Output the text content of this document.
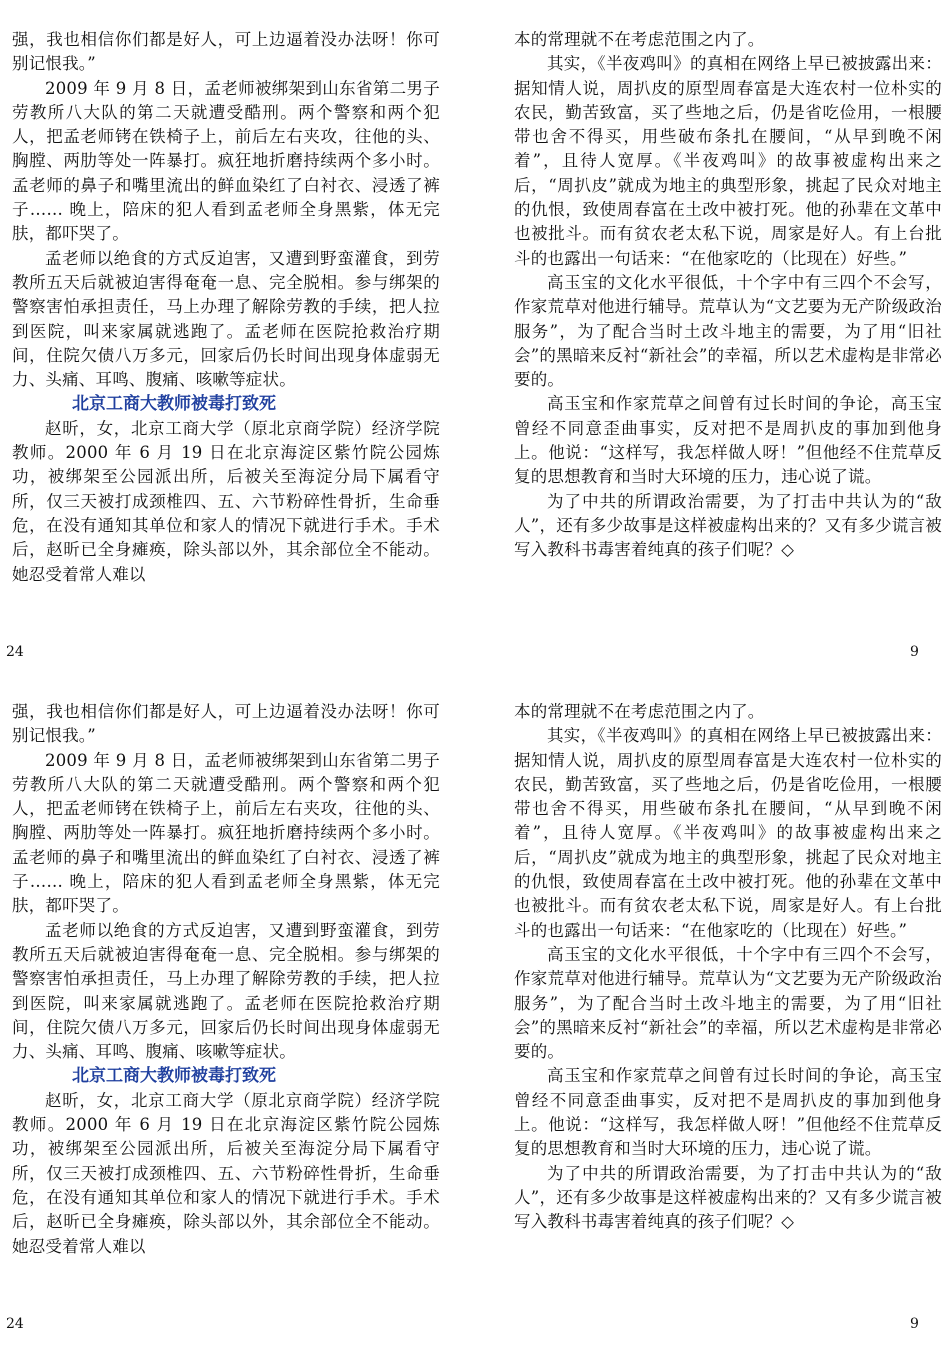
强，我也相信你们都是好人，可上边逼着没办法呀！你可别记恨我。”

2009 年 9 月 8 日，孟老师被绑架到山东省第二男子劳教所八大队的第二天就遭受酷刑。两个警察和两个犯人，把孟老师铐在铁椅子上，前后左右夹攻，往他的头、胸膛、两肋等处一阵暴打。疯狂地折磨持续两个多小时。孟老师的鼻子和嘴里流出的鲜血染红了白衬衣、浸透了裤子…… 晚上，陪床的犯人看到孟老师全身黑紫，体无完肤，都吓哭了。

孟老师以绝食的方式反迫害，又遭到野蛮灌食，到劳教所五天后就被迫害得奄奄一息、完全脱相。参与绑架的警察害怕承担责任，马上办理了解除劳教的手续，把人拉到医院，叫来家属就逃跑了。孟老师在医院抢救治疗期间，住院欠债八万多元，回家后仍长时间出现身体虚弱无力、头痛、耳鸣、腹痛、咳嗽等症状。

北京工商大教师被毒打致死

赵昕，女，北京工商大学（原北京商学院）经济学院教师。2000 年 6 月 19 日在北京海淀区紫竹院公园炼功，被绑架至公园派出所，后被关至海淀分局下属看守所，仅三天被打成颈椎四、五、六节粉碎性骨折，生命垂危，在没有通知其单位和家人的情况下就进行手术。手术后，赵昕已全身瘫痪，除头部以外，其余部位全不能动。她忍受着常人难以

本的常理就不在考虑范围之内了。

其实，《半夜鸡叫》的真相在网络上早已被披露出来：据知情人说，周扒皮的原型周春富是大连农村一位朴实的农民，勤苦致富，买了些地之后，仍是省吃俭用，一根腰带也舍不得买，用些破布条扎在腰间，“从早到晚不闲着”，且待人宽厚。《半夜鸡叫》的故事被虚构出来之后，“周扒皮”就成为地主的典型形象，挑起了民众对地主的仇恨，致使周春富在土改中被打死。他的孙辈在文革中也被批斗。而有贫农老太私下说，周家是好人。有上台批斗的也露出一句话来：“在他家吃的（比现在）好些。”

高玉宝的文化水平很低，十个字中有三四个不会写，作家荒草对他进行辅导。荒草认为“文艺要为无产阶级政治服务”，为了配合当时土改斗地主的需要，为了用“旧社会”的黑暗来反衬“新社会”的幸福，所以艺术虚构是非常必要的。

高玉宝和作家荒草之间曾有过长时间的争论，高玉宝曾经不同意歪曲事实，反对把不是周扒皮的事加到他身上。他说：“这样写，我怎样做人呀！”但他经不住荒草反复的思想教育和当时大环境的压力，违心说了谎。

为了中共的所谓政治需要，为了打击中共认为的“敌人”，还有多少故事是这样被虚构出来的？又有多少谎言被写入教科书毒害着纯真的孩子们呢？◇

24	9

强，我也相信你们都是好人，可上边逼着没办法呀！你可别记恨我。”

2009 年 9 月 8 日，孟老师被绑架到山东省第二男子劳教所八大队的第二天就遭受酷刑。两个警察和两个犯人，把孟老师铐在铁椅子上，前后左右夹攻，往他的头、胸膛、两肋等处一阵暴打。疯狂地折磨持续两个多小时。孟老师的鼻子和嘴里流出的鲜血染红了白衬衣、浸透了裤子…… 晚上，陪床的犯人看到孟老师全身黑紫，体无完肤，都吓哭了。

孟老师以绝食的方式反迫害，又遭到野蛮灌食，到劳教所五天后就被迫害得奄奄一息、完全脱相。参与绑架的警察害怕承担责任，马上办理了解除劳教的手续，把人拉到医院，叫来家属就逃跑了。孟老师在医院抢救治疗期间，住院欠债八万多元，回家后仍长时间出现身体虚弱无力、头痛、耳鸣、腹痛、咳嗽等症状。

北京工商大教师被毒打致死

赵昕，女，北京工商大学（原北京商学院）经济学院教师。2000 年 6 月 19 日在北京海淀区紫竹院公园炼功，被绑架至公园派出所，后被关至海淀分局下属看守所，仅三天被打成颈椎四、五、六节粉碎性骨折，生命垂危，在没有通知其单位和家人的情况下就进行手术。手术后，赵昕已全身瘫痪，除头部以外，其余部位全不能动。她忍受着常人难以

本的常理就不在考虑范围之内了。

其实，《半夜鸡叫》的真相在网络上早已被披露出来：据知情人说，周扒皮的原型周春富是大连农村一位朴实的农民，勤苦致富，买了些地之后，仍是省吃俭用，一根腰带也舍不得买，用些破布条扎在腰间，“从早到晚不闲着”，且待人宽厚。《半夜鸡叫》的故事被虚构出来之后，“周扒皮”就成为地主的典型形象，挑起了民众对地主的仇恨，致使周春富在土改中被打死。他的孙辈在文革中也被批斗。而有贫农老太私下说，周家是好人。有上台批斗的也露出一句话来：“在他家吃的（比现在）好些。”

高玉宝的文化水平很低，十个字中有三四个不会写，作家荒草对他进行辅导。荒草认为“文艺要为无产阶级政治服务”，为了配合当时土改斗地主的需要，为了用“旧社会”的黑暗来反衬“新社会”的幸福，所以艺术虚构是非常必要的。

高玉宝和作家荒草之间曾有过长时间的争论，高玉宝曾经不同意歪曲事实，反对把不是周扒皮的事加到他身上。他说：“这样写，我怎样做人呀！”但他经不住荒草反复的思想教育和当时大环境的压力，违心说了谎。

为了中共的所谓政治需要，为了打击中共认为的“敌人”，还有多少故事是这样被虚构出来的？又有多少谎言被写入教科书毒害着纯真的孩子们呢？◇

24	9
